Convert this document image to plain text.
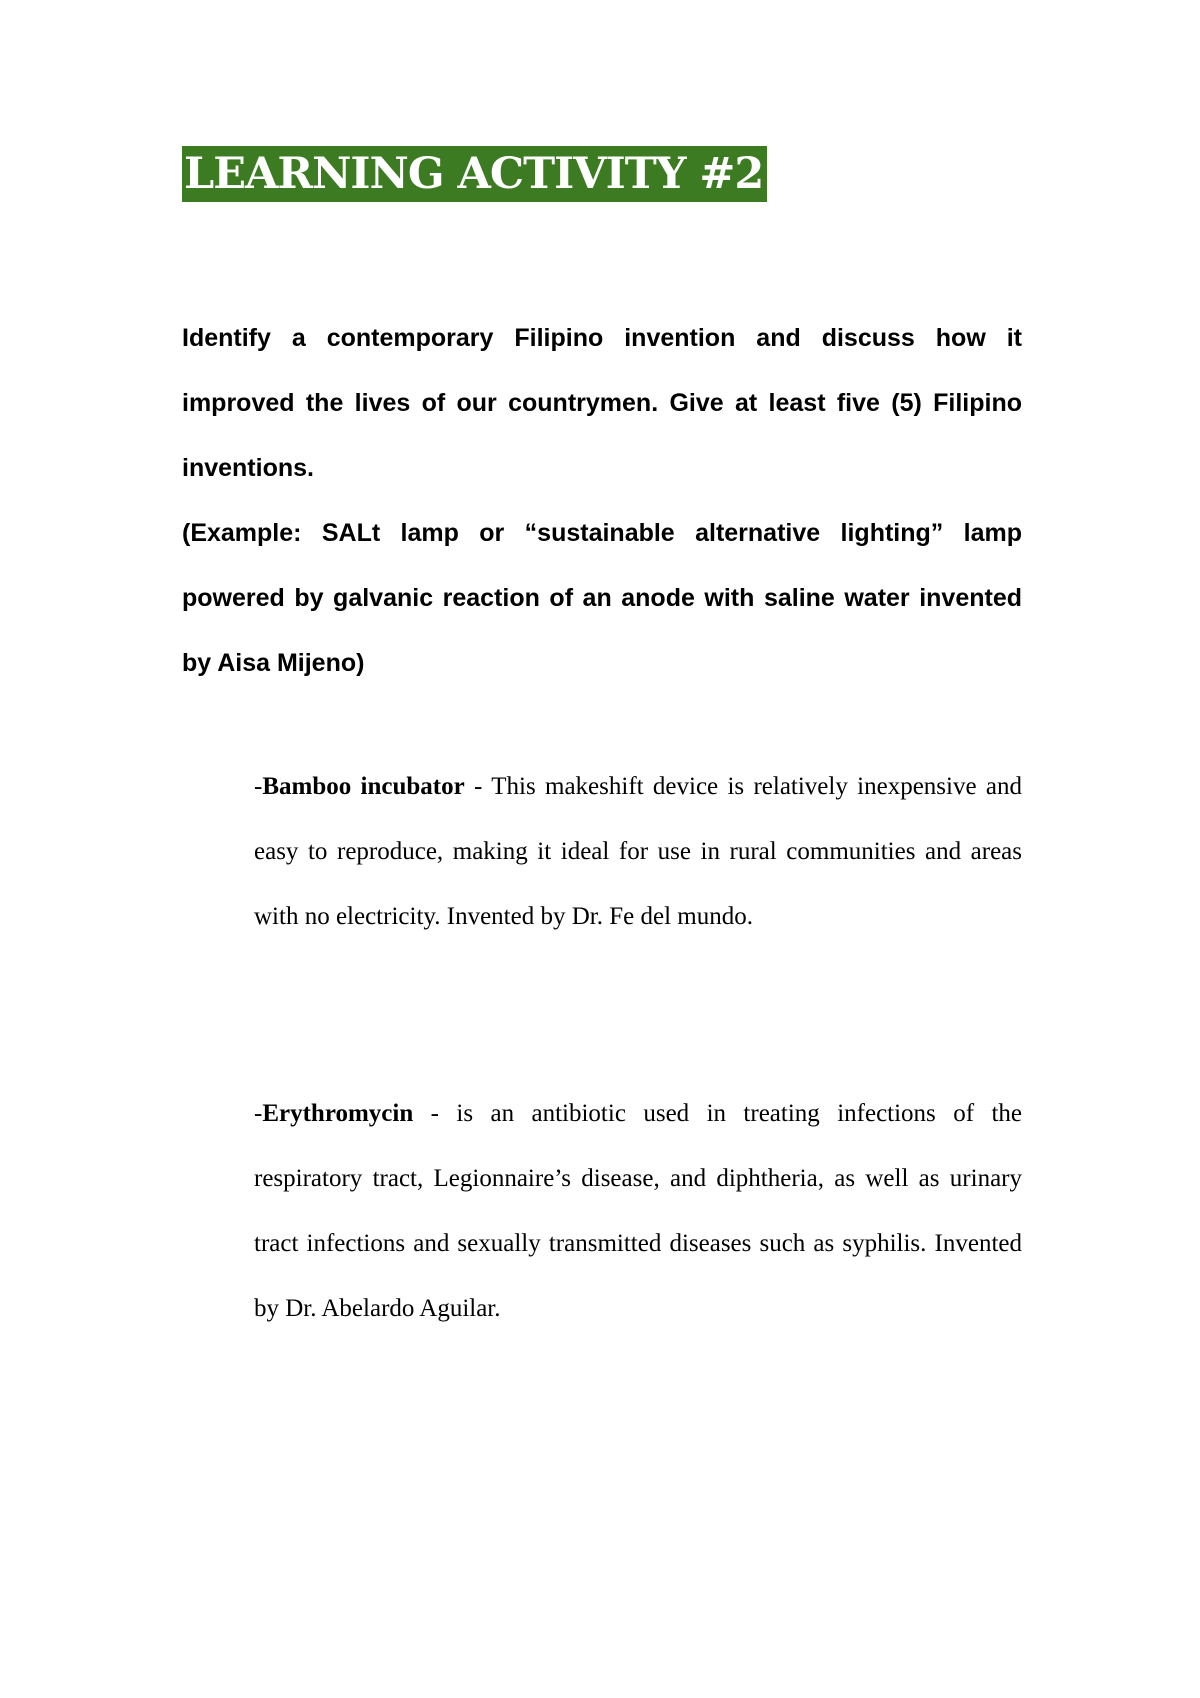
LEARNING ACTIVITY #2

Identify a contemporary Filipino invention and discuss how it improved the lives of our countrymen. Give at least five (5) Filipino inventions.

(Example: SALt lamp or “sustainable alternative lighting” lamp powered by galvanic reaction of an anode with saline water invented by Aisa Mijeno)

-Bamboo incubator - This makeshift device is relatively inexpensive and easy to reproduce, making it ideal for use in rural communities and areas with no electricity. Invented by Dr. Fe del mundo.

-Erythromycin - is an antibiotic used in treating infections of the respiratory tract, Legionnaire’s disease, and diphtheria, as well as urinary tract infections and sexually transmitted diseases such as syphilis. Invented by Dr. Abelardo Aguilar.
